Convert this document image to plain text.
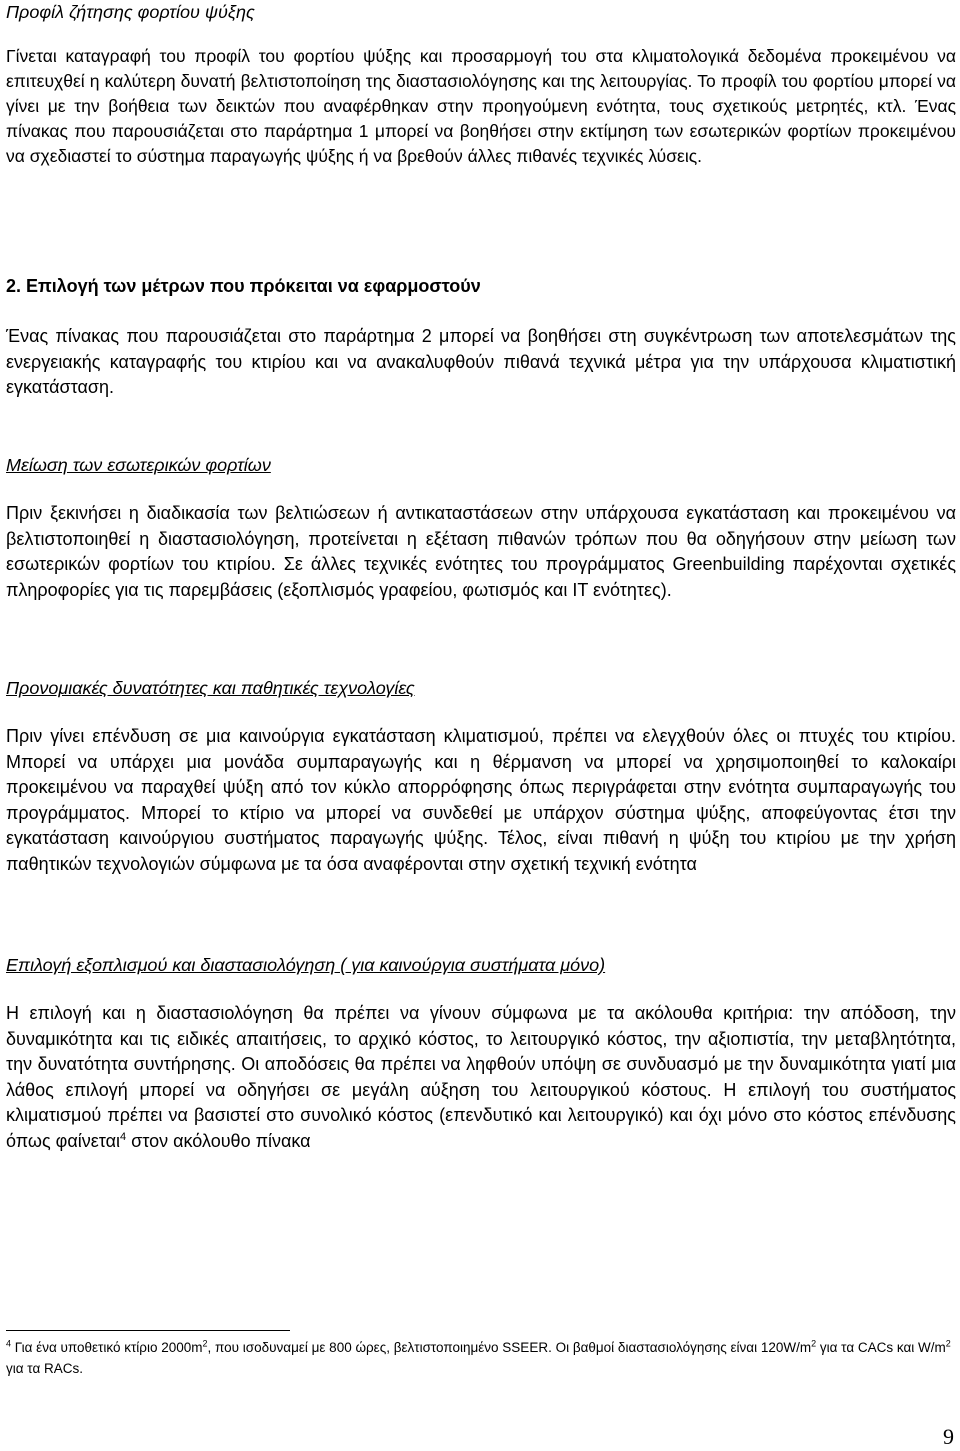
Προφίλ ζήτησης φορτίου ψύξης

Γίνεται καταγραφή του προφίλ του φορτίου ψύξης και προσαρμογή του στα κλιματολογικά δεδομένα προκειμένου να επιτευχθεί η καλύτερη δυνατή βελτιστοποίηση της διαστασιολόγησης και της λειτουργίας. Το προφίλ του φορτίου μπορεί να γίνει με την βοήθεια των δεικτών που αναφέρθηκαν στην προηγούμενη ενότητα, τους σχετικούς μετρητές, κτλ. Ένας πίνακας που παρουσιάζεται στο παράρτημα 1 μπορεί να βοηθήσει στην εκτίμηση των εσωτερικών φορτίων προκειμένου να σχεδιαστεί το σύστημα παραγωγής ψύξης ή να βρεθούν άλλες πιθανές τεχνικές λύσεις.

2. Επιλογή των μέτρων που πρόκειται να εφαρμοστούν

Ένας πίνακας που παρουσιάζεται στο παράρτημα 2 μπορεί να βοηθήσει στη συγκέντρωση των αποτελεσμάτων της ενεργειακής καταγραφής του κτιρίου και να ανακαλυφθούν πιθανά τεχνικά μέτρα για την υπάρχουσα κλιματιστική εγκατάσταση.

Μείωση των εσωτερικών φορτίων

Πριν ξεκινήσει η διαδικασία των βελτιώσεων ή αντικαταστάσεων στην υπάρχουσα εγκατάσταση και προκειμένου να βελτιστοποιηθεί η διαστασιολόγηση, προτείνεται η εξέταση πιθανών τρόπων που θα οδηγήσουν στην μείωση των εσωτερικών φορτίων του κτιρίου. Σε άλλες τεχνικές ενότητες του προγράμματος Greenbuilding παρέχονται σχετικές πληροφορίες για τις παρεμβάσεις (εξοπλισμός γραφείου, φωτισμός και IT ενότητες).

Προνομιακές δυνατότητες και παθητικές τεχνολογίες

Πριν γίνει επένδυση σε μια καινούργια εγκατάσταση κλιματισμού, πρέπει να ελεγχθούν όλες οι πτυχές του κτιρίου. Μπορεί να υπάρχει μια μονάδα συμπαραγωγής και η θέρμανση να μπορεί να χρησιμοποιηθεί το καλοκαίρι προκειμένου να παραχθεί ψύξη από τον κύκλο απορρόφησης όπως περιγράφεται στην ενότητα συμπαραγωγής του προγράμματος. Μπορεί το κτίριο να μπορεί να συνδεθεί με υπάρχον σύστημα ψύξης, αποφεύγοντας έτσι την εγκατάσταση καινούργιου συστήματος παραγωγής ψύξης. Τέλος, είναι πιθανή η ψύξη του κτιρίου με την χρήση παθητικών τεχνολογιών σύμφωνα με τα όσα αναφέρονται στην σχετική τεχνική ενότητα

Επιλογή εξοπλισμού και διαστασιολόγηση ( για καινούργια συστήματα μόνο)

Η επιλογή και η διαστασιολόγηση θα πρέπει να γίνουν σύμφωνα με τα ακόλουθα κριτήρια: την απόδοση, την δυναμικότητα και τις ειδικές απαιτήσεις, το αρχικό κόστος, το λειτουργικό κόστος, την αξιοπιστία, την μεταβλητότητα, την δυνατότητα συντήρησης. Οι αποδόσεις θα πρέπει να ληφθούν υπόψη σε συνδυασμό με την δυναμικότητα γιατί μια λάθος επιλογή μπορεί να οδηγήσει σε μεγάλη αύξηση του λειτουργικού κόστους. Η επιλογή του συστήματος κλιματισμού πρέπει να βασιστεί στο συνολικό κόστος (επενδυτικό και λειτουργικό) και όχι μόνο στο κόστος επένδυσης όπως φαίνεται$^4$ στον ακόλουθο πίνακα

$^4$ Για ένα υποθετικό κτίριο $2000m^2$, που ισοδυναμεί με 800 ώρες, βελτιστοποιημένο SSEER. Οι βαθμοί διαστασιολόγησης είναι $120W/m^2$ για τα CACs και $W/m^2$ για τα RACs.
9
